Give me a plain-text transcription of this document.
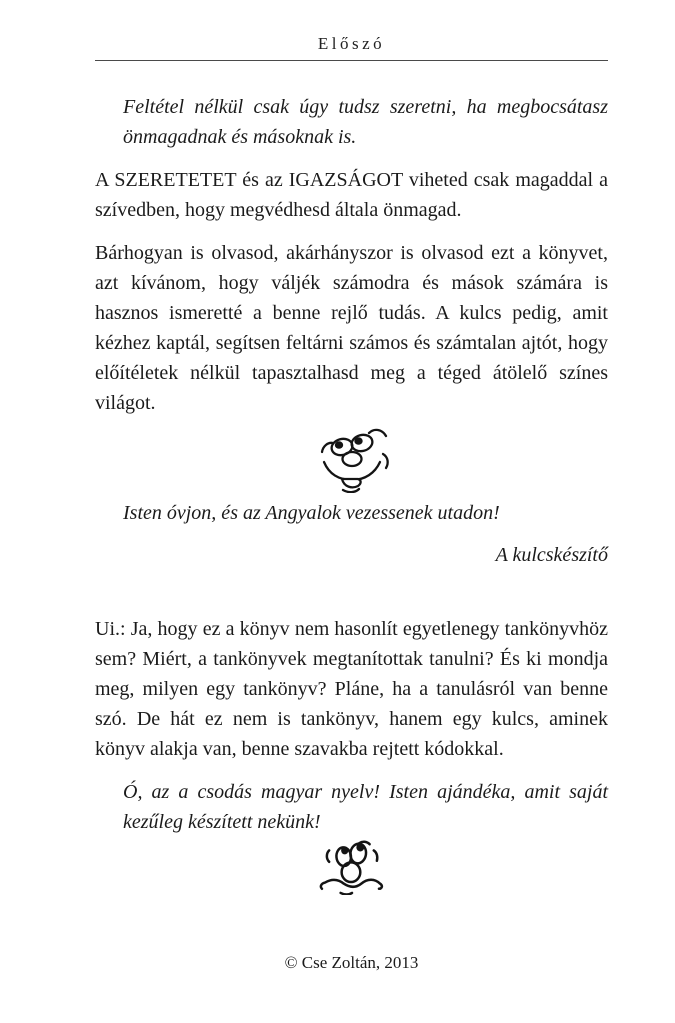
Előszó

Feltétel nélkül csak úgy tudsz szeretni, ha megbocsátasz önmagadnak és másoknak is.

A SZERETETET és az IGAZSÁGOT viheted csak magaddal a szívedben, hogy megvédhesd általa önmagad.

Bárhogyan is olvasod, akárhányszor is olvasod ezt a könyvet, azt kívánom, hogy váljék számodra és mások számára is hasznos ismeretté a benne rejlő tudás. A kulcs pedig, amit kézhez kaptál, segítsen feltárni számos és számtalan ajtót, hogy előítéletek nélkül tapasztalhasd meg a téged átölelő színes világot.

Isten óvjon, és az Angyalok vezessenek utadon!

A kulcskészítő

Ui.: Ja, hogy ez a könyv nem hasonlít egyetlenegy tankönyvhöz sem? Miért, a tankönyvek megtanítottak tanulni? És ki mondja meg, milyen egy tankönyv? Pláne, ha a tanulásról van benne szó. De hát ez nem is tankönyv, hanem egy kulcs, aminek könyv alakja van, benne szavakba rejtett kódokkal.

Ó, az a csodás magyar nyelv! Isten ajándéka, amit saját kezűleg készített nekünk!

© Cse Zoltán, 2013
